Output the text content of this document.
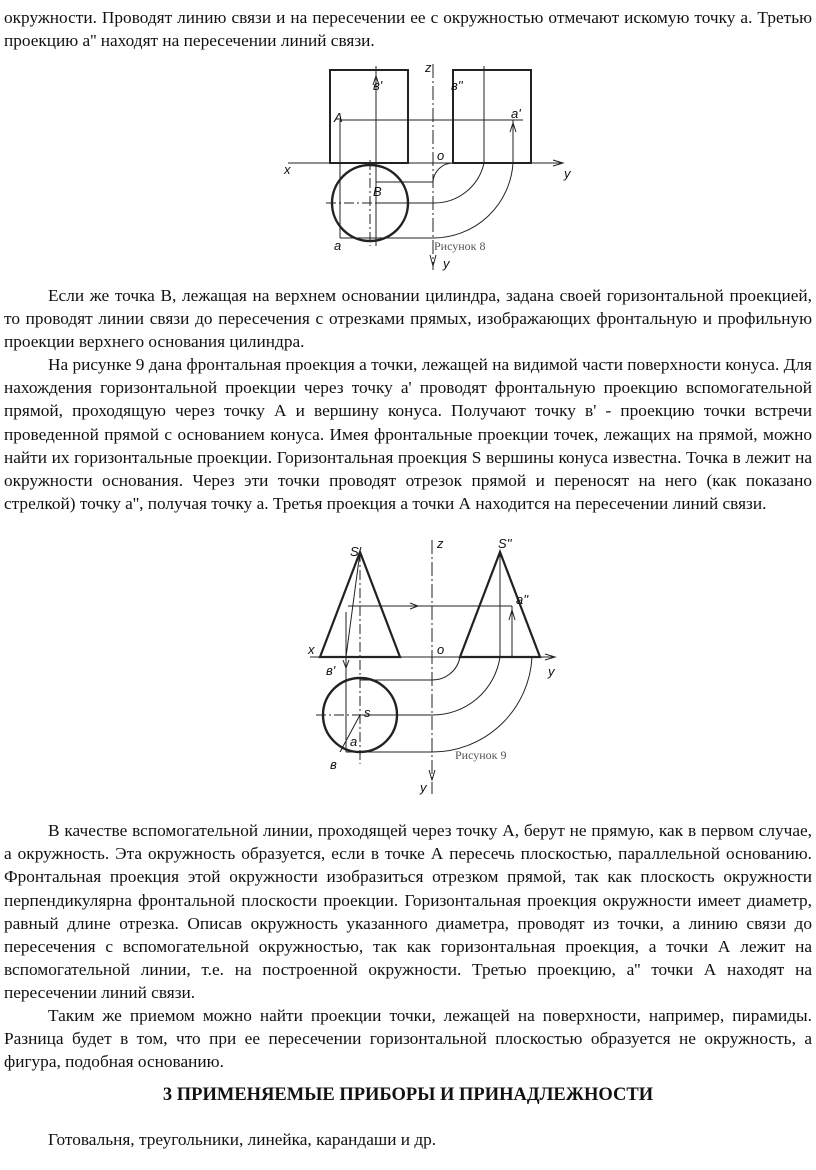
окружности. Проводят линию связи и на пересечении ее с окружностью отмечают искомую точку a. Третью проекцию a'' находят на пересечении линий связи.

z
в'	в''
A	a'
x
o
y
В
a
y
Рисунок 8

Если же точка В, лежащая на верхнем основании цилиндра, задана своей горизонтальной проекцией, то проводят линии связи до пересечения с отрезками прямых, изображающих фронтальную и профильную проекции верхнего основания цилиндра.

На рисунке 9 дана фронтальная проекция a точки, лежащей на видимой части поверхности конуса. Для нахождения горизонтальной проекции через точку a' проводят фронтальную проекцию вспомогательной прямой, проходящую через точку А и вершину конуса. Получают точку в' - проекцию точки встречи проведенной прямой с основанием конуса. Имея фронтальные проекции точек, лежащих на прямой, можно найти их горизонтальные проекции. Горизонтальная проекция S вершины конуса известна. Точка в лежит на окружности основания. Через эти точки проводят отрезок прямой и переносят на него (как показано стрелкой) точку a'', получая точку a. Третья проекция a точки А находится на пересечении линий связи.

S'
z	S''
a''
x	o
в'	y
s
a
в
y
Рисунок 9

В качестве вспомогательной линии, проходящей через точку А, берут не прямую, как в первом случае, а окружность. Эта окружность образуется, если в точке А пересечь плоскостью, параллельной основанию. Фронтальная проекция этой окружности изобразиться отрезком прямой, так как плоскость окружности перпендикулярна фронтальной плоскости проекции. Горизонтальная проекция окружности имеет диаметр, равный длине отрезка. Описав окружность указанного диаметра, проводят из точки, a линию связи до пересечения с вспомогательной окружностью, так как горизонтальная проекция, a точки А лежит на вспомогательной линии, т.е. на построенной окружности. Третью проекцию, a'' точки А находят на пересечении линий связи.

Таким же приемом можно найти проекции точки, лежащей на поверхности, например, пирамиды. Разница будет в том, что при ее пересечении горизонтальной плоскостью образуется не окружность, а фигура, подобная основанию.

3 ПРИМЕНЯЕМЫЕ ПРИБОРЫ И ПРИНАДЛЕЖНОСТИ

Готовальня, треугольники, линейка, карандаши и др.
